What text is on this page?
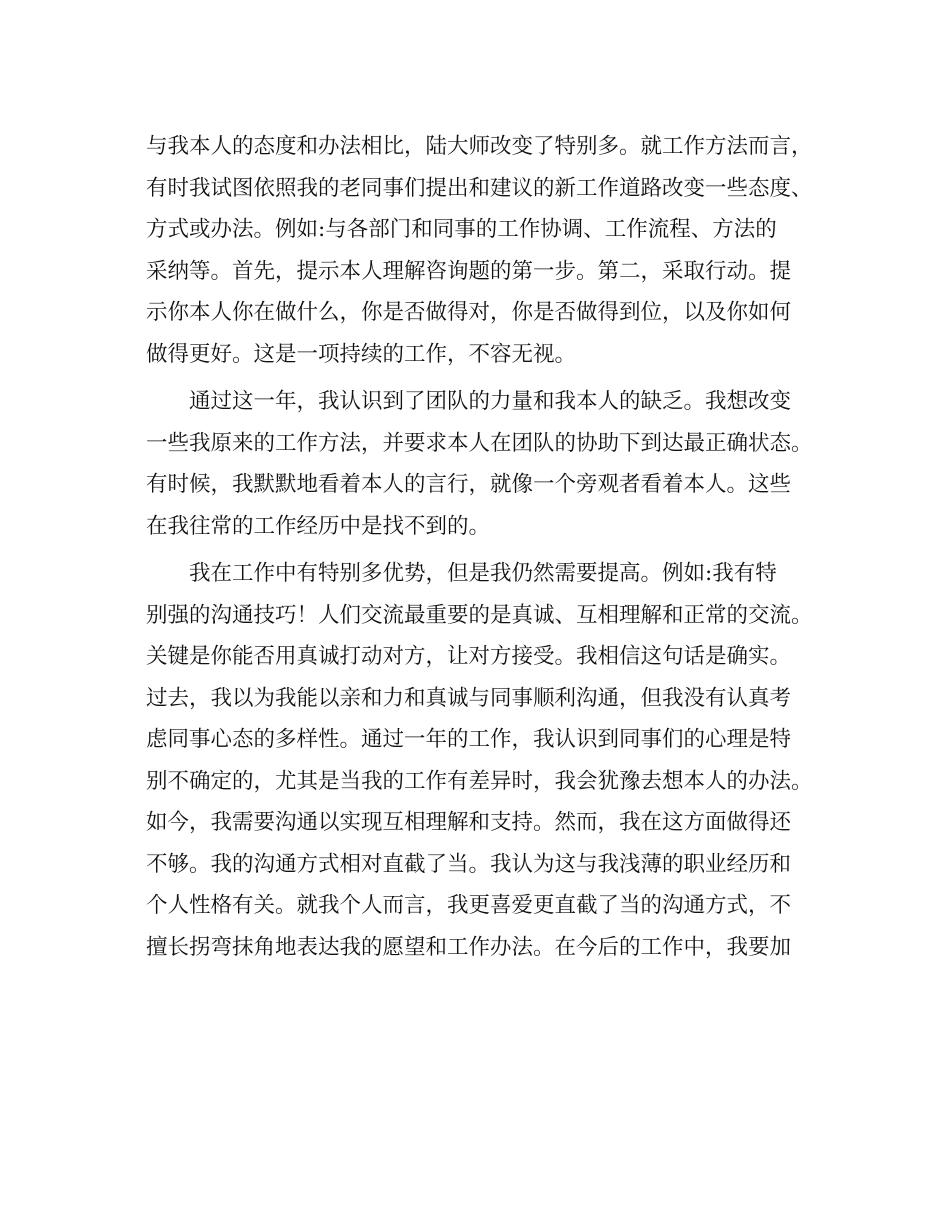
与我本人的态度和办法相比，陆大师改变了特别多。就工作方法而言，
有时我试图依照我的老同事们提出和建议的新工作道路改变一些态度、
方式或办法。例如:与各部门和同事的工作协调、工作流程、方法的
采纳等。首先，提示本人理解咨询题的第一步。第二，采取行动。提
示你本人你在做什么，你是否做得对，你是否做得到位，以及你如何
做得更好。这是一项持续的工作，不容无视。

通过这一年，我认识到了团队的力量和我本人的缺乏。我想改变
一些我原来的工作方法，并要求本人在团队的协助下到达最正确状态。
有时候，我默默地看着本人的言行，就像一个旁观者看着本人。这些
在我往常的工作经历中是找不到的。

我在工作中有特别多优势，但是我仍然需要提高。例如:我有特
别强的沟通技巧！人们交流最重要的是真诚、互相理解和正常的交流。
关键是你能否用真诚打动对方，让对方接受。我相信这句话是确实。
过去，我以为我能以亲和力和真诚与同事顺利沟通，但我没有认真考
虑同事心态的多样性。通过一年的工作，我认识到同事们的心理是特
别不确定的，尤其是当我的工作有差异时，我会犹豫去想本人的办法。
如今，我需要沟通以实现互相理解和支持。然而，我在这方面做得还
不够。我的沟通方式相对直截了当。我认为这与我浅薄的职业经历和
个人性格有关。就我个人而言，我更喜爱更直截了当的沟通方式，不
擅长拐弯抹角地表达我的愿望和工作办法。在今后的工作中，我要加
